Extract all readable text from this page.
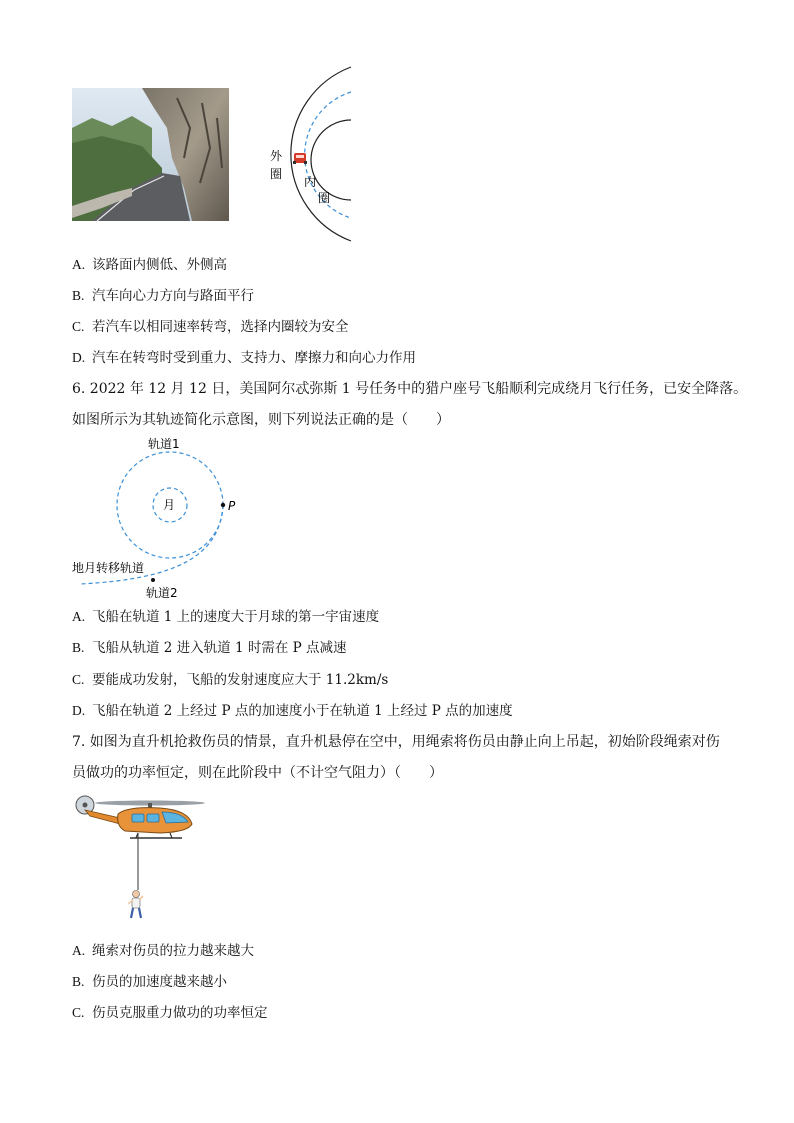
外
圈
内
圈
A. 该路面内侧低、外侧高
B. 汽车向心力方向与路面平行
C. 若汽车以相同速率转弯，选择内圈较为安全
D. 汽车在转弯时受到重力、支持力、摩擦力和向心力作用
6. 2022 年 12 月 12 日，美国阿尔忒弥斯 1 号任务中的猎户座号飞船顺利完成绕月飞行任务，已安全降落。
如图所示为其轨迹简化示意图，则下列说法正确的是（　　）
轨道1
月	P
地月转移轨道
轨道2
A. 飞船在轨道 1 上的速度大于月球的第一宇宙速度
B. 飞船从轨道 2 进入轨道 1 时需在 P 点减速
C. 要能成功发射，飞船的发射速度应大于 11.2km/s
D. 飞船在轨道 2 上经过 P 点的加速度小于在轨道 1 上经过 P 点的加速度
7. 如图为直升机抢救伤员的情景，直升机悬停在空中，用绳索将伤员由静止向上吊起，初始阶段绳索对伤
员做功的功率恒定，则在此阶段中（不计空气阻力）（　　）
A. 绳索对伤员的拉力越来越大
B. 伤员的加速度越来越小
C. 伤员克服重力做功的功率恒定
